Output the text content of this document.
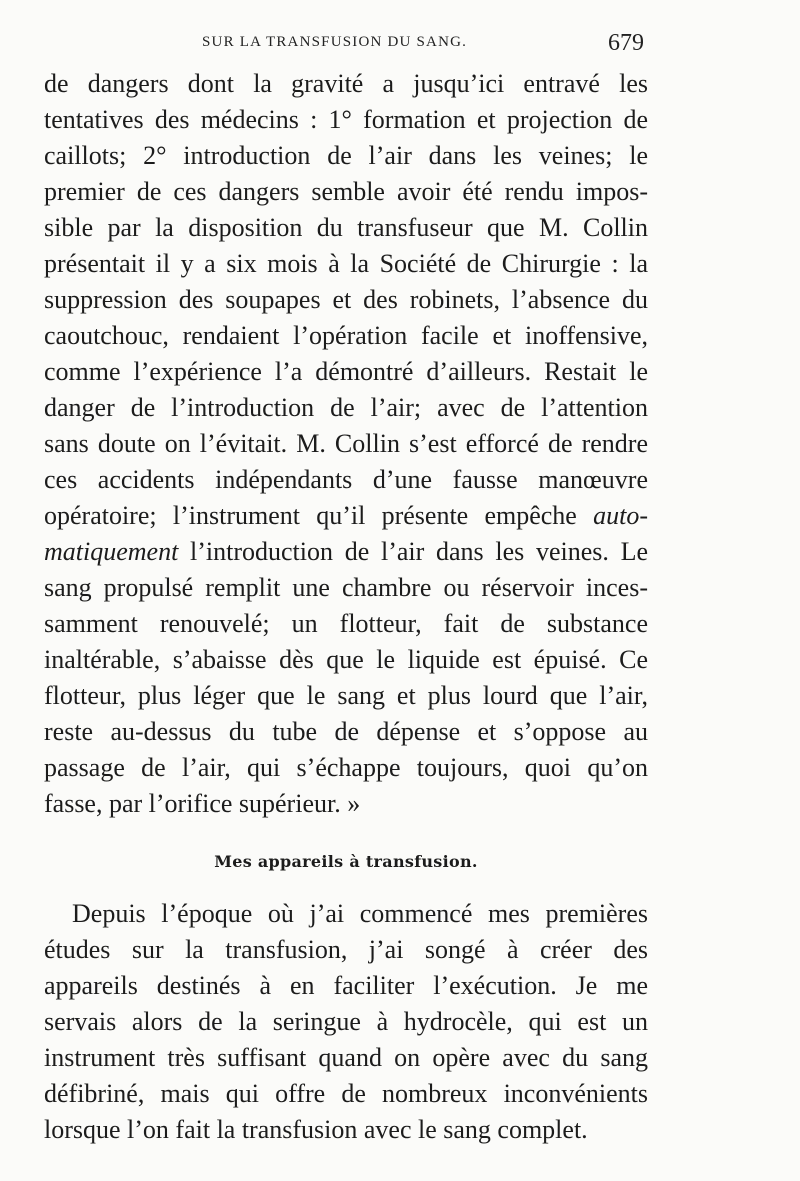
SUR LA TRANSFUSION DU SANG.	679
de dangers dont la gravité a jusqu’ici entravé les
tentatives des médecins : 1° formation et projection de
caillots; 2° introduction de l’air dans les veines; le
premier de ces dangers semble avoir été rendu impos-
sible par la disposition du transfuseur que M. Collin
présentait il y a six mois à la Société de Chirurgie : la
suppression des soupapes et des robinets, l’absence du
caoutchouc, rendaient l’opération facile et inoffensive,
comme l’expérience l’a démontré d’ailleurs. Restait le
danger de l’introduction de l’air; avec de l’attention
sans doute on l’évitait. M. Collin s’est efforcé de rendre
ces accidents indépendants d’une fausse manœuvre
opératoire; l’instrument qu’il présente empêche auto-
matiquement l’introduction de l’air dans les veines. Le
sang propulsé remplit une chambre ou réservoir inces-
samment renouvelé; un flotteur, fait de substance
inaltérable, s’abaisse dès que le liquide est épuisé. Ce
flotteur, plus léger que le sang et plus lourd que l’air,
reste au-dessus du tube de dépense et s’oppose au
passage de l’air, qui s’échappe toujours, quoi qu’on
fasse, par l’orifice supérieur. »
Mes appareils à transfusion.
Depuis l’époque où j’ai commencé mes premières
études sur la transfusion, j’ai songé à créer des
appareils destinés à en faciliter l’exécution. Je me
servais alors de la seringue à hydrocèle, qui est un
instrument très suffisant quand on opère avec du sang
défibriné, mais qui offre de nombreux inconvénients
lorsque l’on fait la transfusion avec le sang complet.
